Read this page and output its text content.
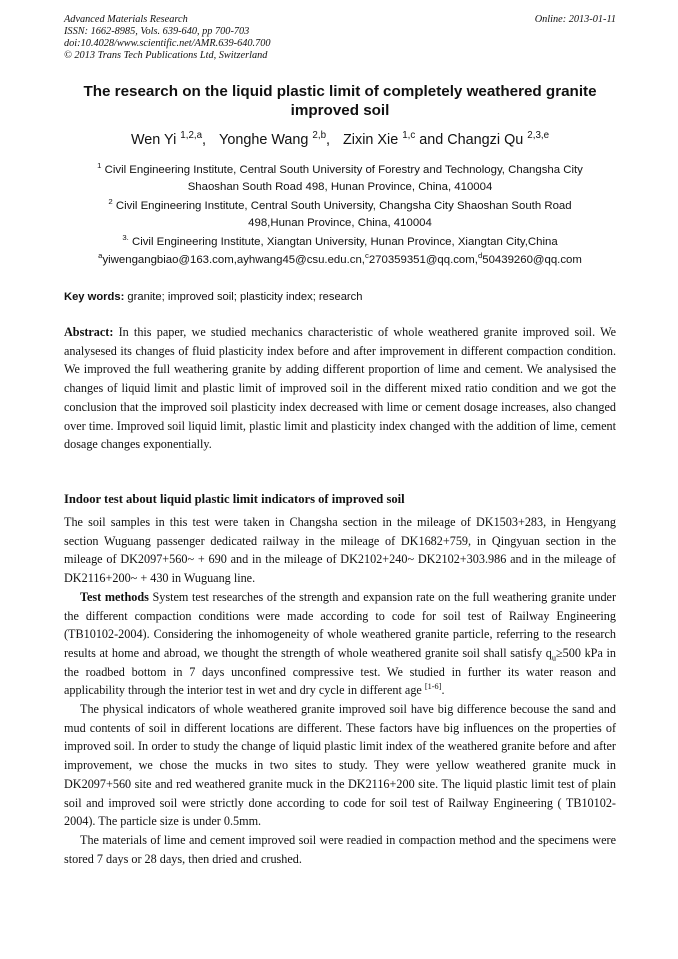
Advanced Materials Research
ISSN: 1662-8985, Vols. 639-640, pp 700-703
doi:10.4028/www.scientific.net/AMR.639-640.700
© 2013 Trans Tech Publications Ltd, Switzerland
Online: 2013-01-11
The research on the liquid plastic limit of completely weathered granite improved soil
Wen Yi $^{1,2,a}$, Yonghe Wang $^{2,b}$, Zixin Xie $^{1,c}$ and Changzi Qu $^{2,3,e}$
$^1$ Civil Engineering Institute, Central South University of Forestry and Technology, Changsha City
Shaoshan South Road 498, Hunan Province, China, 410004
$^2$ Civil Engineering Institute, Central South University, Changsha City Shaoshan South Road
498,Hunan Province, China, 410004
$^{3.}$ Civil Engineering Institute, Xiangtan University, Hunan Province, Xiangtan City,China
$^a$yiwengangbiao@163.com,ayhwang45@csu.edu.cn,$^c$270359351@qq.com,$^d$50439260@qq.com
Key words: granite; improved soil; plasticity index; research

Abstract: In this paper, we studied mechanics characteristic of whole weathered granite improved soil. We analysesed its changes of fluid plasticity index before and after improvement in different compaction condition. We improved the full weathering granite by adding different proportion of lime and cement. We analysised the changes of liquid limit and plastic limit of improved soil in the different mixed ratio condition and we got the conclusion that the improved soil plasticity index decreased with lime or cement dosage increases, also changed over time. Improved soil liquid limit, plastic limit and plasticity index changed with the addition of lime, cement dosage changes exponentially.

Indoor test about liquid plastic limit indicators of improved soil

The soil samples in this test were taken in Changsha section in the mileage of DK1503+283, in Hengyang section Wuguang passenger dedicated railway in the mileage of DK1682+759, in Qingyuan section in the mileage of DK2097+560~ + 690 and in the mileage of DK2102+240~ DK2102+303.986 and in the mileage of DK2116+200~ + 430 in Wuguang line.

Test methods System test researches of the strength and expansion rate on the full weathering granite under the different compaction conditions were made according to code for soil test of Railway Engineering (TB10102-2004). Considering the inhomogeneity of whole weathered granite particle, referring to the research results at home and abroad, we thought the strength of whole weathered granite soil shall satisfy $q_u\ge 500$ kPa in the roadbed bottom in 7 days unconfined compressive test. We studied in further its water reason and applicability through the interior test in wet and dry cycle in different age [1-6].

The physical indicators of whole weathered granite improved soil have big difference becouse the sand and mud contents of soil in different locations are different. These factors have big influences on the properties of improved soil. In order to study the change of liquid plastic limit index of the weathered granite before and after improvement, we chose the mucks in two sites to study. They were yellow weathered granite muck in DK2097+560 site and red weathered granite muck in the DK2116+200 site. The liquid plastic limit test of plain soil and improved soil were strictly done according to code for soil test of Railway Engineering ( TB10102-2004). The particle size is under 0.5mm.

The materials of lime and cement improved soil were readied in compaction method and the specimens were stored 7 days or 28 days, then dried and crushed.
